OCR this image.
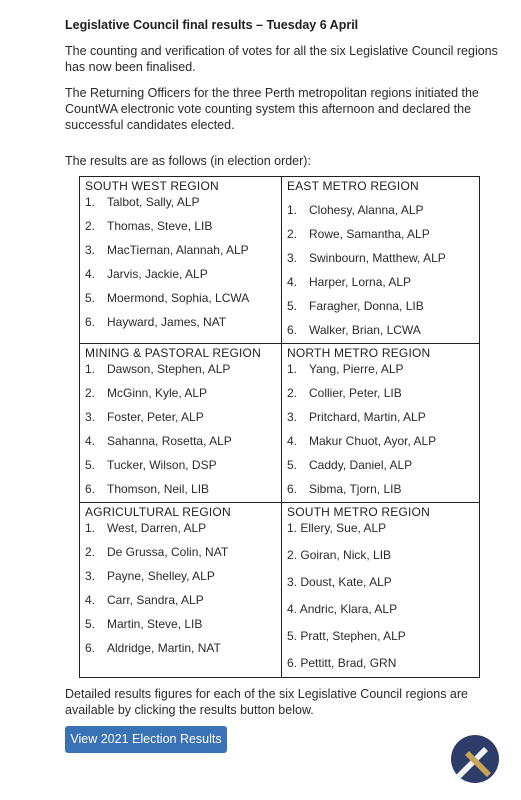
Legislative Council final results – Tuesday 6 April

The counting and verification of votes for all the six Legislative Council regions has now been finalised.

The Returning Officers for the three Perth metropolitan regions initiated the CountWA electronic vote counting system this afternoon and declared the successful candidates elected.

The results are as follows (in election order):

SOUTH WEST REGION
1. Talbot, Sally, ALP
2. Thomas, Steve, LIB
3. MacTiernan, Alannah, ALP
4. Jarvis, Jackie, ALP
5. Moermond, Sophia, LCWA
6. Hayward, James, NAT
EAST METRO REGION
1. Clohesy, Alanna, ALP
2. Rowe, Samantha, ALP
3. Swinbourn, Matthew, ALP
4. Harper, Lorna, ALP
5. Faragher, Donna, LIB
6. Walker, Brian, LCWA
MINING & PASTORAL REGION
1. Dawson, Stephen, ALP
2. McGinn, Kyle, ALP
3. Foster, Peter, ALP
4. Sahanna, Rosetta, ALP
5. Tucker, Wilson, DSP
6. Thomson, Neil, LIB
NORTH METRO REGION
1. Yang, Pierre, ALP
2. Collier, Peter, LIB
3. Pritchard, Martin, ALP
4. Makur Chuot, Ayor, ALP
5. Caddy, Daniel, ALP
6. Sibma, Tjorn, LIB
AGRICULTURAL REGION
1. West, Darren, ALP
2. De Grussa, Colin, NAT
3. Payne, Shelley, ALP
4. Carr, Sandra, ALP
5. Martin, Steve, LIB
6. Aldridge, Martin, NAT
SOUTH METRO REGION
1. Ellery, Sue, ALP
2. Goiran, Nick, LIB
3. Doust, Kate, ALP
4. Andric, Klara, ALP
5. Pratt, Stephen, ALP
6. Pettitt, Brad, GRN

Detailed results figures for each of the six Legislative Council regions are available by clicking the results button below.

View 2021 Election Results
